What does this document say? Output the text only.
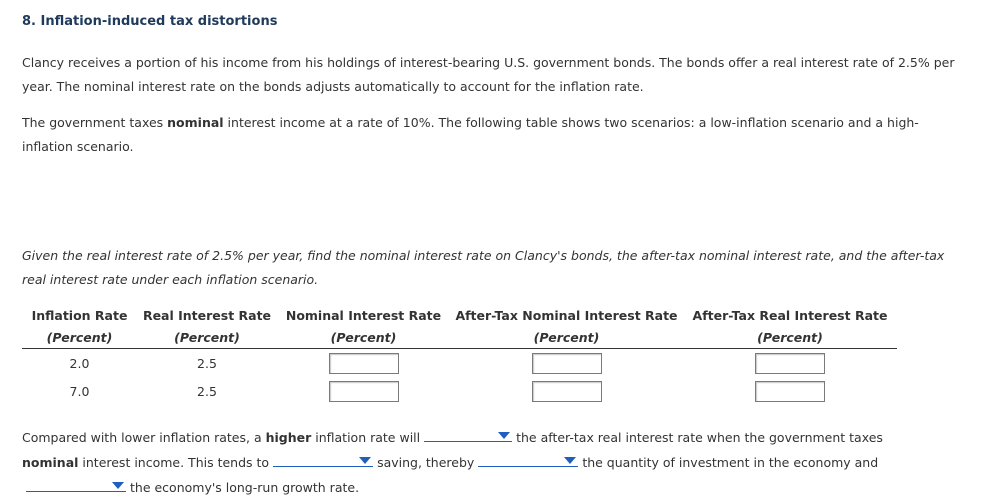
8. Inflation-induced tax distortions

Clancy receives a portion of his income from his holdings of interest-bearing U.S. government bonds. The bonds offer a real interest rate of 2.5% per year. The nominal interest rate on the bonds adjusts automatically to account for the inflation rate.

The government taxes nominal interest income at a rate of 10%. The following table shows two scenarios: a low-inflation scenario and a high-inflation scenario.

Given the real interest rate of 2.5% per year, find the nominal interest rate on Clancy's bonds, the after-tax nominal interest rate, and the after-tax real interest rate under each inflation scenario.

Inflation Rate	Real Interest Rate	Nominal Interest Rate	After-Tax Nominal Interest Rate	After-Tax Real Interest Rate
(Percent)	(Percent)	(Percent)	(Percent)	(Percent)
2.0	2.5			
7.0	2.5			

Compared with lower inflation rates, a higher inflation rate will	the after-tax real interest rate when the government taxes
nominal interest income. This tends to	saving, thereby	the quantity of investment in the economy and

the economy's long-run growth rate.
